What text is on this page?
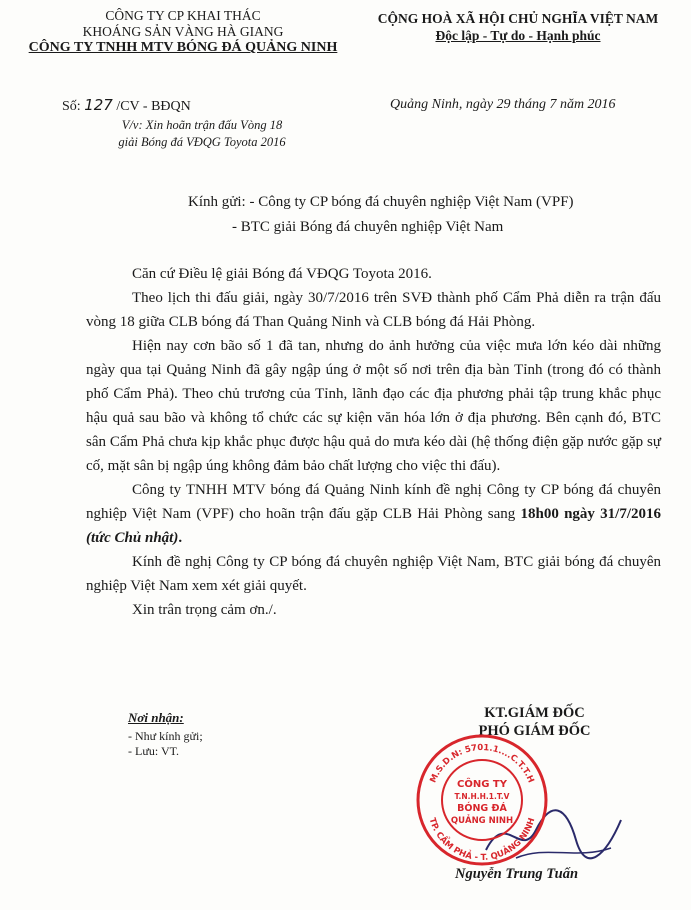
CÔNG TY CP KHAI THÁC
KHOÁNG SẢN VÀNG HÀ GIANG
CÔNG TY TNHH MTV BÓNG ĐÁ QUẢNG NINH
CỘNG HOÀ XÃ HỘI CHỦ NGHĨA VIỆT NAM
Độc lập - Tự do - Hạnh phúc
Số: 127 /CV - BĐQN
V/v: Xin hoãn trận đấu Vòng 18
giải Bóng đá VĐQG Toyota 2016
Quảng Ninh, ngày 29 tháng 7 năm 2016
Kính gửi: - Công ty CP bóng đá chuyên nghiệp Việt Nam (VPF)
- BTC giải Bóng đá chuyên nghiệp Việt Nam

Căn cứ Điều lệ giải Bóng đá VĐQG Toyota 2016.

Theo lịch thi đấu giải, ngày 30/7/2016 trên SVĐ thành phố Cẩm Phả diễn ra trận đấu vòng 18 giữa CLB bóng đá Than Quảng Ninh và CLB bóng đá Hải Phòng.

Hiện nay cơn bão số 1 đã tan, nhưng do ảnh hưởng của việc mưa lớn kéo dài những ngày qua tại Quảng Ninh đã gây ngập úng ở một số nơi trên địa bàn Tỉnh (trong đó có thành phố Cẩm Phả). Theo chủ trương của Tỉnh, lãnh đạo các địa phương phải tập trung khắc phục hậu quả sau bão và không tổ chức các sự kiện văn hóa lớn ở địa phương. Bên cạnh đó, BTC sân Cẩm Phả chưa kịp khắc phục được hậu quả do mưa kéo dài (hệ thống điện gặp nước gặp sự cố, mặt sân bị ngập úng không đảm bảo chất lượng cho việc thi đấu).

Công ty TNHH MTV bóng đá Quảng Ninh kính đề nghị Công ty CP bóng đá chuyên nghiệp Việt Nam (VPF) cho hoãn trận đấu gặp CLB Hải Phòng sang 18h00 ngày 31/7/2016 (tức Chủ nhật).

Kính đề nghị Công ty CP bóng đá chuyên nghiệp Việt Nam, BTC giải bóng đá chuyên nghiệp Việt Nam xem xét giải quyết.

Xin trân trọng cảm ơn./.

Nơi nhận:
- Như kính gửi;
- Lưu: VT.
KT.GIÁM ĐỐC
PHÓ GIÁM ĐỐC
M.S.D.N: 5701.1....C.T.T.H
TP. CẨM PHẢ - T. QUẢNG NINH
CÔNG TY
T.N.H.H.1.T.V
BÓNG ĐÁ
QUẢNG NINH
Nguyễn Trung Tuấn
